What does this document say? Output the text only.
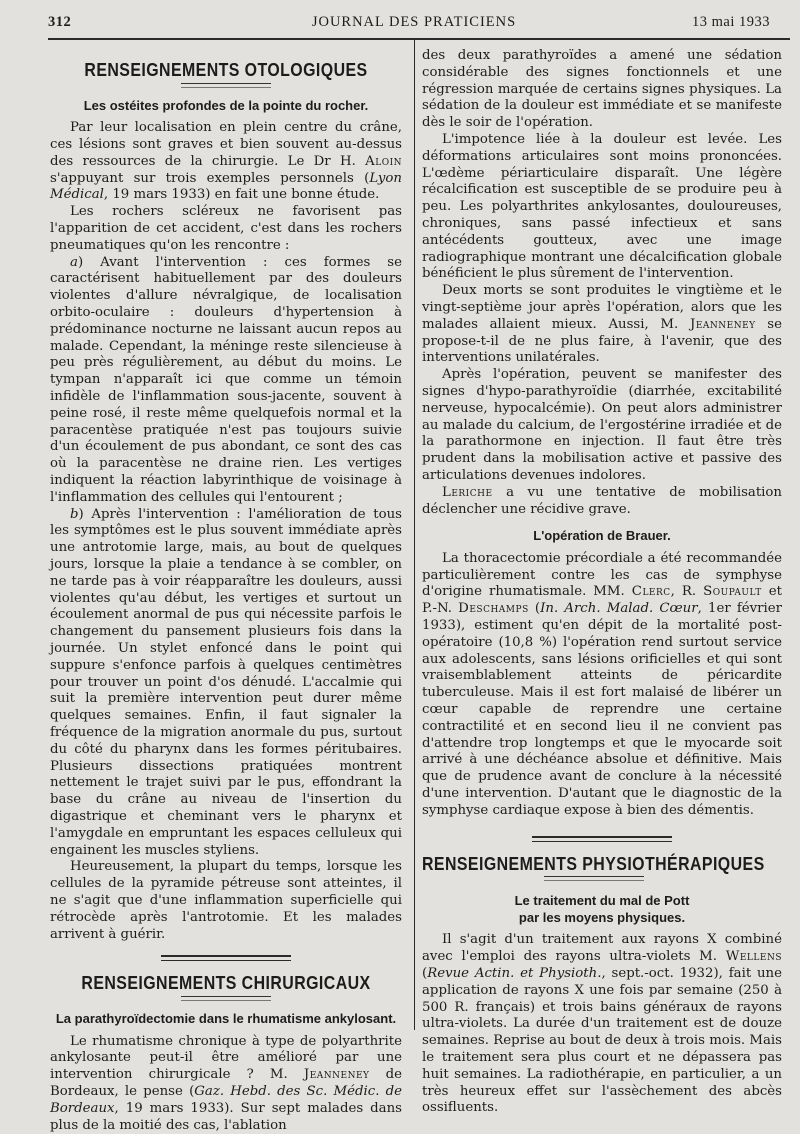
312	JOURNAL DES PRATICIENS	13 mai 1933
RENSEIGNEMENTS OTOLOGIQUES
Les ostéites profondes de la pointe du rocher.

Par leur localisation en plein centre du crâne, ces lésions sont graves et bien souvent au-dessus des ressources de la chirurgie. Le Dr H. Aloin s'appuyant sur trois exemples personnels (Lyon Médical, 19 mars 1933) en fait une bonne étude.

Les rochers scléreux ne favorisent pas l'apparition de cet accident, c'est dans les rochers pneumatiques qu'on les rencontre :

a) Avant l'intervention : ces formes se caractérisent habituellement par des douleurs violentes d'allure névralgique, de localisation orbito-oculaire : douleurs d'hypertension à prédominance nocturne ne laissant aucun repos au malade. Cependant, la méninge reste silencieuse à peu près régulièrement, au début du moins. Le tympan n'apparaît ici que comme un témoin infidèle de l'inflammation sous-jacente, souvent à peine rosé, il reste même quelquefois normal et la paracentèse pratiquée n'est pas toujours suivie d'un écoulement de pus abondant, ce sont des cas où la paracentèse ne draine rien. Les vertiges indiquent la réaction labyrinthique de voisinage à l'inflammation des cellules qui l'entourent ;

b) Après l'intervention : l'amélioration de tous les symptômes est le plus souvent immédiate après une antrotomie large, mais, au bout de quelques jours, lorsque la plaie a tendance à se combler, on ne tarde pas à voir réapparaître les douleurs, aussi violentes qu'au début, les vertiges et surtout un écoulement anormal de pus qui nécessite parfois le changement du pansement plusieurs fois dans la journée. Un stylet enfoncé dans le point qui suppure s'enfonce parfois à quelques centimètres pour trouver un point d'os dénudé. L'accalmie qui suit la première intervention peut durer même quelques semaines. Enfin, il faut signaler la fréquence de la migration anormale du pus, surtout du côté du pharynx dans les formes péritubaires. Plusieurs dissections pratiquées montrent nettement le trajet suivi par le pus, effondrant la base du crâne au niveau de l'insertion du digastrique et cheminant vers le pharynx et l'amygdale en empruntant les espaces celluleux qui engainent les muscles styliens.

Heureusement, la plupart du temps, lorsque les cellules de la pyramide pétreuse sont atteintes, il ne s'agit que d'une inflammation superficielle qui rétrocède après l'antrotomie. Et les malades arrivent à guérir.

RENSEIGNEMENTS CHIRURGICAUX
La parathyroïdectomie dans le rhumatisme ankylosant.

Le rhumatisme chronique à type de polyarthrite ankylosante peut-il être amélioré par une intervention chirurgicale ? M. Jeanneney de Bordeaux, le pense (Gaz. Hebd. des Sc. Médic. de Bordeaux, 19 mars 1933). Sur sept malades dans plus de la moitié des cas, l'ablation

des deux parathyroïdes a amené une sédation considérable des signes fonctionnels et une régression marquée de certains signes physiques. La sédation de la douleur est immédiate et se manifeste dès le soir de l'opération.

L'impotence liée à la douleur est levée. Les déformations articulaires sont moins prononcées. L'œdème périarticulaire disparaît. Une légère récalcification est susceptible de se produire peu à peu. Les polyarthrites ankylosantes, douloureuses, chroniques, sans passé infectieux et sans antécédents goutteux, avec une image radiographique montrant une décalcification globale bénéficient le plus sûrement de l'intervention.

Deux morts se sont produites le vingtième et le vingt-septième jour après l'opération, alors que les malades allaient mieux. Aussi, M. Jeanneney se propose-t-il de ne plus faire, à l'avenir, que des interventions unilatérales.

Après l'opération, peuvent se manifester des signes d'hypo-parathyroïdie (diarrhée, excitabilité nerveuse, hypocalcémie). On peut alors administrer au malade du calcium, de l'ergostérine irradiée et de la parathormone en injection. Il faut être très prudent dans la mobilisation active et passive des articulations devenues indolores.

Leriche a vu une tentative de mobilisation déclencher une récidive grave.

L'opération de Brauer.

La thoracectomie précordiale a été recommandée particulièrement contre les cas de symphyse d'origine rhumatismale. MM. Clerc, R. Soupault et P.-N. Deschamps (In. Arch. Malad. Cœur, 1er février 1933), estiment qu'en dépit de la mortalité post-opératoire (10,8 %) l'opération rend surtout service aux adolescents, sans lésions orificielles et qui sont vraisemblablement atteints de péricardite tuberculeuse. Mais il est fort malaisé de libérer un cœur capable de reprendre une certaine contractilité et en second lieu il ne convient pas d'attendre trop longtemps et que le myocarde soit arrivé à une déchéance absolue et définitive. Mais que de prudence avant de conclure à la nécessité d'une intervention. D'autant que le diagnostic de la symphyse cardiaque expose à bien des démentis.

RENSEIGNEMENTS PHYSIOTHÉRAPIQUES
Le traitement du mal de Pott
par les moyens physiques.

Il s'agit d'un traitement aux rayons X combiné avec l'emploi des rayons ultra-violets M. Wellens (Revue Actin. et Physioth., sept.-oct. 1932), fait une application de rayons X une fois par semaine (250 à 500 R. français) et trois bains généraux de rayons ultra-violets. La durée d'un traitement est de douze semaines. Reprise au bout de deux à trois mois. Mais le traitement sera plus court et ne dépassera pas huit semaines. La radiothérapie, en particulier, a un très heureux effet sur l'assèchement des abcès ossifluents.
